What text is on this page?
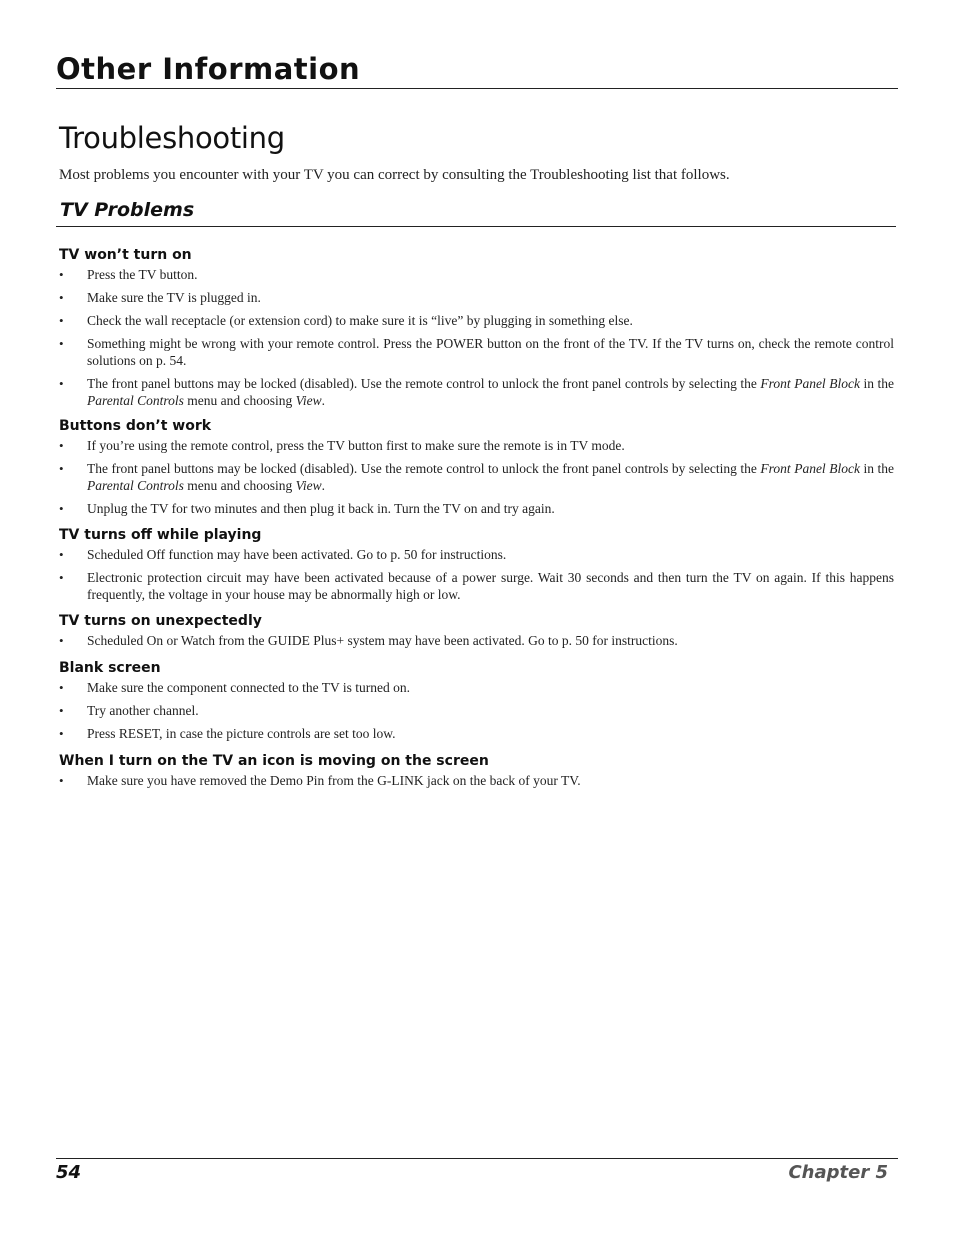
Other Information
Troubleshooting

Most problems you encounter with your TV you can correct by consulting the Troubleshooting list that follows.

TV Problems
TV won’t turn on
• Press the TV button.
• Make sure the TV is plugged in.
• Check the wall receptacle (or extension cord) to make sure it is “live” by plugging in something else.
• Something might be wrong with your remote control. Press the POWER button on the front of the TV. If the TV turns on, check the remote control solutions on p. 54.
• The front panel buttons may be locked (disabled). Use the remote control to unlock the front panel controls by selecting the Front Panel Block in the Parental Controls menu and choosing View.
Buttons don’t work
• If you’re using the remote control, press the TV button first to make sure the remote is in TV mode.
• The front panel buttons may be locked (disabled). Use the remote control to unlock the front panel controls by selecting the Front Panel Block in the Parental Controls menu and choosing View.
• Unplug the TV for two minutes and then plug it back in. Turn the TV on and try again.
TV turns off while playing
• Scheduled Off function may have been activated. Go to p. 50 for instructions.
• Electronic protection circuit may have been activated because of a power surge. Wait 30 seconds and then turn the TV on again. If this happens frequently, the voltage in your house may be abnormally high or low.
TV turns on unexpectedly
• Scheduled On or Watch from the GUIDE Plus+ system may have been activated. Go to p. 50 for instructions.
Blank screen
• Make sure the component connected to the TV is turned on.
• Try another channel.
• Press RESET, in case the picture controls are set too low.
When I turn on the TV an icon is moving on the screen
• Make sure you have removed the Demo Pin from the G-LINK jack on the back of your TV.

54	Chapter 5
